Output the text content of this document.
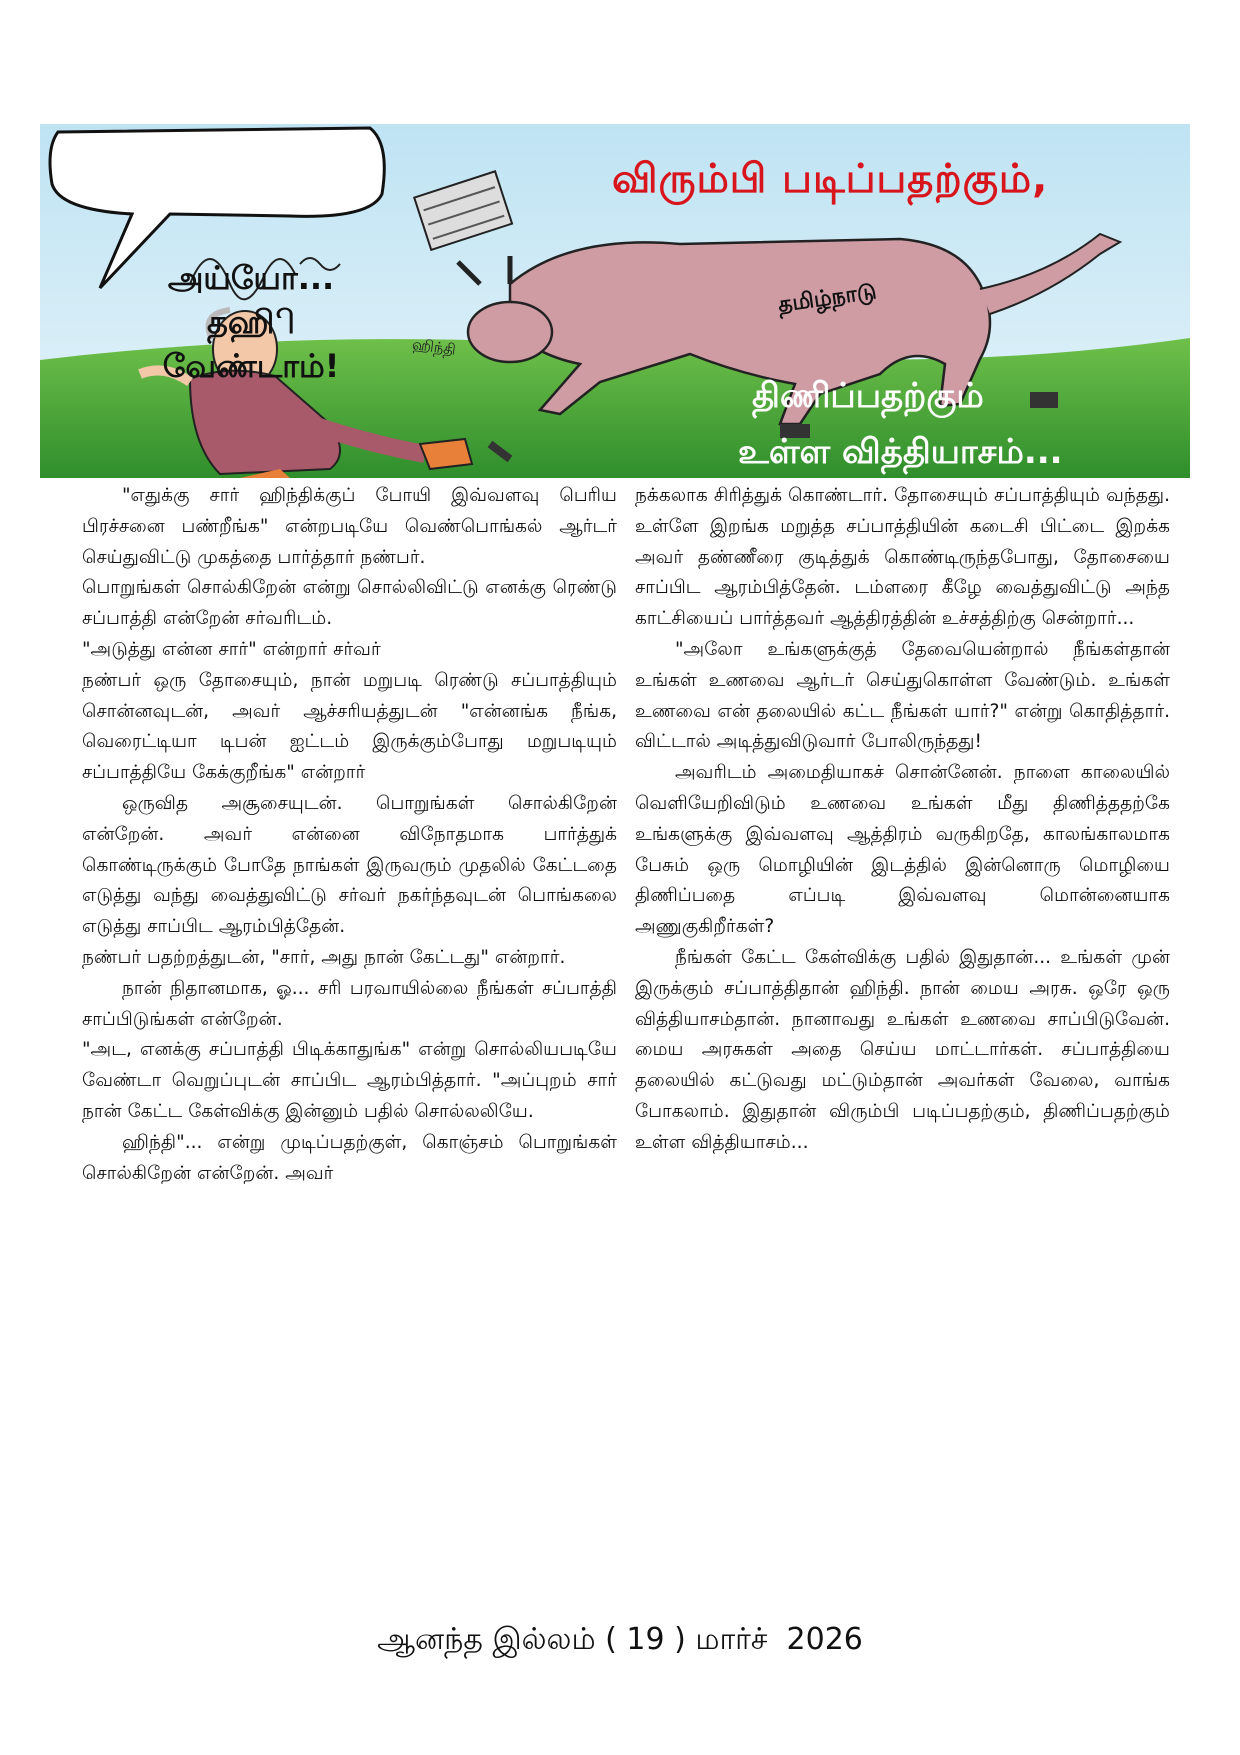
அய்யோ...
தஹிி
வேண்டாம்!
தமிழ்நாடு
ஹிந்தி
விரும்பி படிப்பதற்கும்,
திணிப்பதற்கும்
உள்ள வித்தியாசம்...

"எதுக்கு சார் ஹிந்திக்குப் போயி இவ்வளவு பெரிய பிரச்சனை பண்றீங்க" என்றபடியே வெண்பொங்கல் ஆர்டர் செய்துவிட்டு முகத்தை பார்த்தார் நண்பர்.

பொறுங்கள் சொல்கிறேன் என்று சொல்லிவிட்டு எனக்கு ரெண்டு சப்பாத்தி என்றேன் சர்வரிடம்.

"அடுத்து என்ன சார்" என்றார் சர்வர்

நண்பர் ஒரு தோசையும், நான் மறுபடி ரெண்டு சப்பாத்தியும் சொன்னவுடன், அவர் ஆச்சரியத்துடன் "என்னங்க நீங்க, வெரைட்டியா டிபன் ஐட்டம் இருக்கும்போது மறுபடியும் சப்பாத்தியே கேக்குறீங்க" என்றார்

ஒருவித அசூசையுடன். பொறுங்கள் சொல்கிறேன் என்றேன். அவர் என்னை விநோதமாக பார்த்துக் கொண்டிருக்கும் போதே நாங்கள் இருவரும் முதலில் கேட்டதை எடுத்து வந்து வைத்துவிட்டு சர்வர் நகர்ந்தவுடன் பொங்கலை எடுத்து சாப்பிட ஆரம்பித்தேன்.

நண்பர் பதற்றத்துடன், "சார், அது நான் கேட்டது" என்றார்.

நான் நிதானமாக, ஓ... சரி பரவாயில்லை நீங்கள் சப்பாத்தி சாப்பிடுங்கள் என்றேன்.

"அட, எனக்கு சப்பாத்தி பிடிக்காதுங்க" என்று சொல்லியபடியே வேண்டா வெறுப்புடன் சாப்பிட ஆரம்பித்தார். "அப்புறம் சார் நான் கேட்ட கேள்விக்கு இன்னும் பதில் சொல்லலியே.

ஹிந்தி"... என்று முடிப்பதற்குள், கொஞ்சம் பொறுங்கள் சொல்கிறேன் என்றேன். அவர்

நக்கலாக சிரித்துக் கொண்டார். தோசையும் சப்பாத்தியும் வந்தது. உள்ளே இறங்க மறுத்த சப்பாத்தியின் கடைசி பிட்டை இறக்க அவர் தண்ணீரை குடித்துக் கொண்டிருந்தபோது, தோசையை சாப்பிட ஆரம்பித்தேன். டம்ளரை கீழே வைத்துவிட்டு அந்த காட்சியைப் பார்த்தவர் ஆத்திரத்தின் உச்சத்திற்கு சென்றார்...

"அலோ உங்களுக்குத் தேவையென்றால் நீங்கள்தான் உங்கள் உணவை ஆர்டர் செய்துகொள்ள வேண்டும். உங்கள் உணவை என் தலையில் கட்ட நீங்கள் யார்?" என்று கொதித்தார். விட்டால் அடித்துவிடுவார் போலிருந்தது!

அவரிடம் அமைதியாகச் சொன்னேன். நாளை காலையில் வெளியேறிவிடும் உணவை உங்கள் மீது திணித்ததற்கே உங்களுக்கு இவ்வளவு ஆத்திரம் வருகிறதே, காலங்காலமாக பேசும் ஒரு மொழியின் இடத்தில் இன்னொரு மொழியை திணிப்பதை எப்படி இவ்வளவு மொன்னையாக அணுகுகிறீர்கள்?

நீங்கள் கேட்ட கேள்விக்கு பதில் இதுதான்... உங்கள் முன் இருக்கும் சப்பாத்திதான் ஹிந்தி. நான் மைய அரசு. ஒரே ஒரு வித்தியாசம்தான். நானாவது உங்கள் உணவை சாப்பிடுவேன். மைய அரசுகள் அதை செய்ய மாட்டார்கள். சப்பாத்தியை தலையில் கட்டுவது மட்டும்தான் அவர்கள் வேலை, வாங்க போகலாம். இதுதான் விரும்பி படிப்பதற்கும், திணிப்பதற்கும் உள்ள வித்தியாசம்...

ஆனந்த இல்லம் ( 19 ) மார்ச் 2026
